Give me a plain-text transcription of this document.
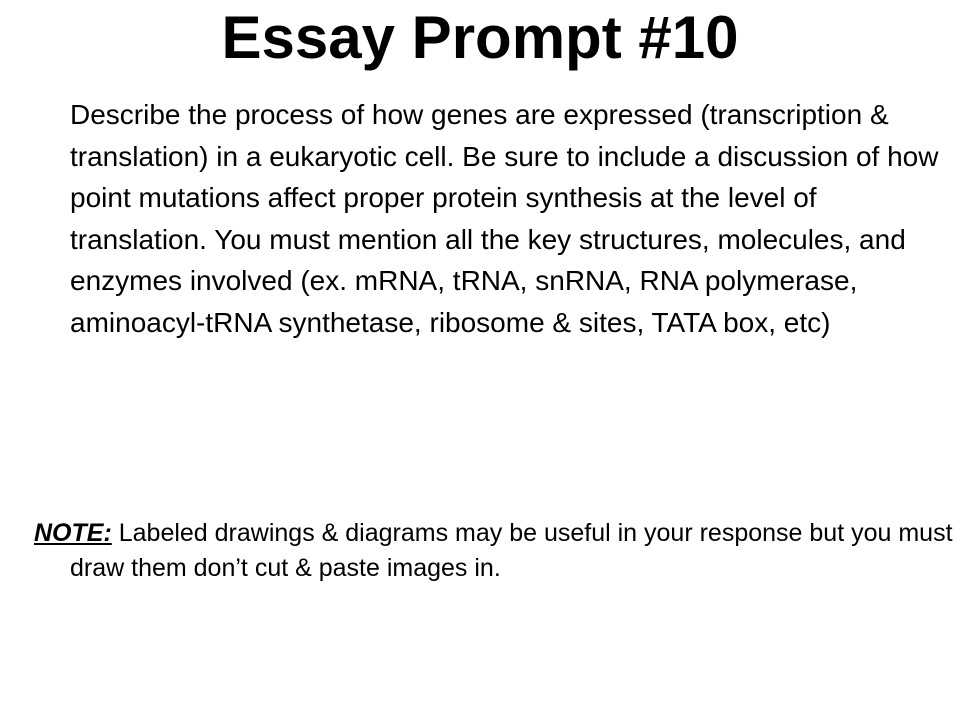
Essay Prompt #10

Describe the process of how genes are expressed (transcription & translation) in a eukaryotic cell. Be sure to include a discussion of how point mutations affect proper protein synthesis at the level of translation. You must mention all the key structures, molecules, and enzymes involved (ex. mRNA, tRNA, snRNA, RNA polymerase, aminoacyl-tRNA synthetase, ribosome & sites, TATA box, etc)

NOTE: Labeled drawings & diagrams may be useful in your response but you must draw them don’t cut & paste images in.
